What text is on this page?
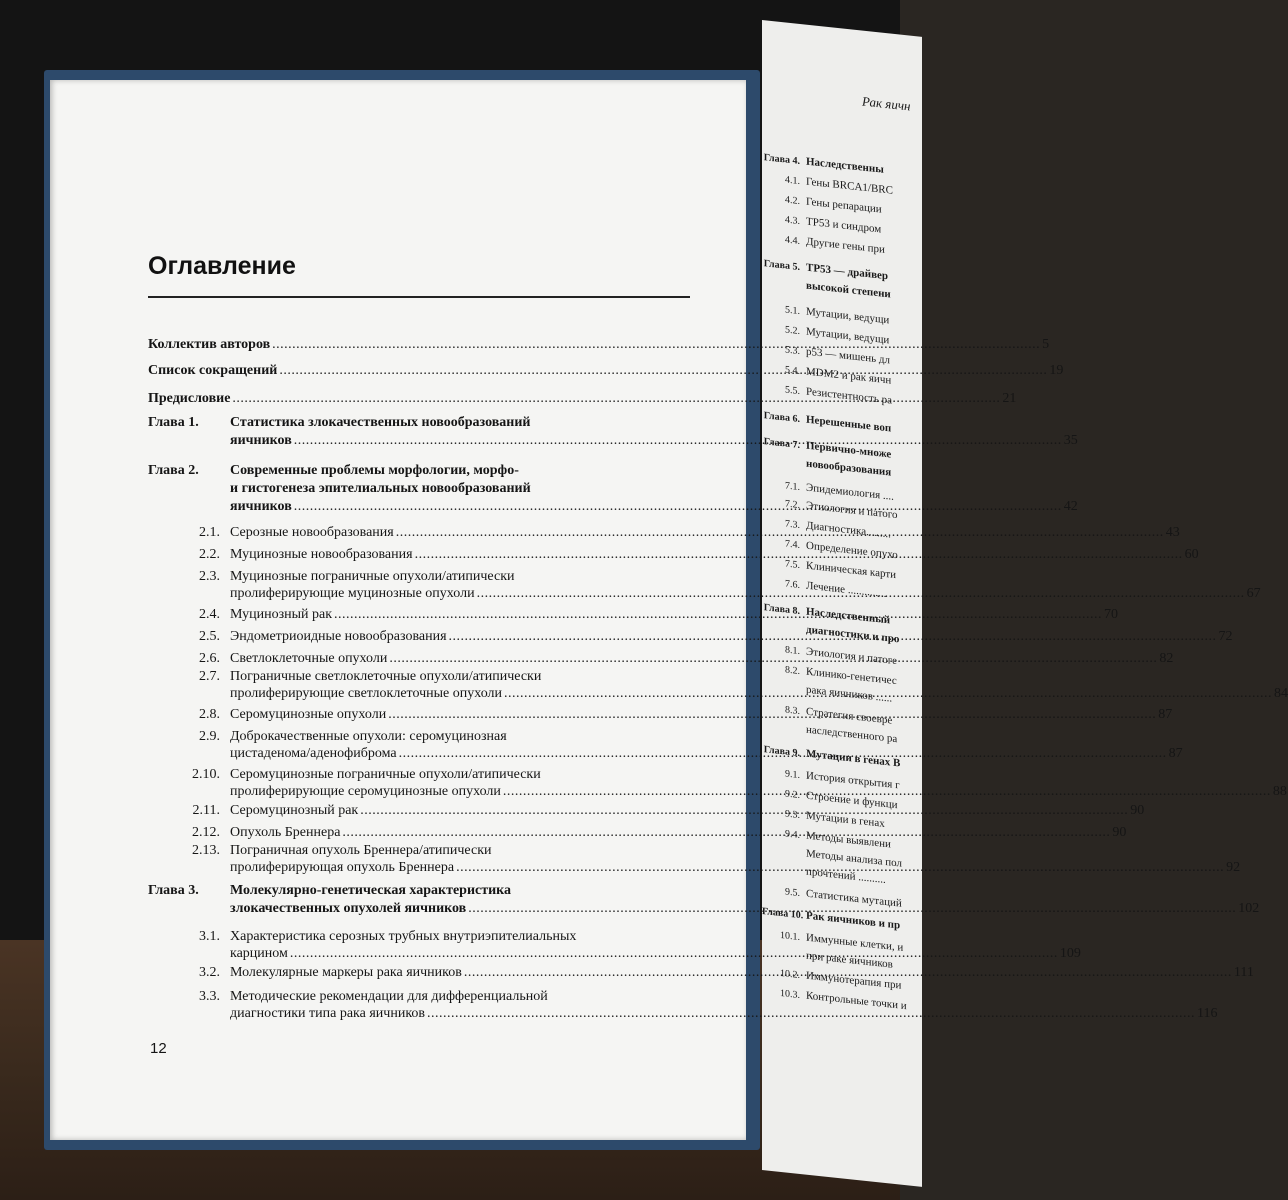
Рак яичн
Глава 4. Наследственны
4.1. Гены BRCA1/BRC
4.2. Гены репарации
4.3. TP53 и синдром
4.4. Другие гены при
Глава 5. TP53 — драйвер
высокой степени
5.1. Мутации, ведущи
5.2. Мутации, ведущи
5.3. p53 — мишень дл
5.4. MDM2 и рак яичн
5.5. Резистентность ра
Глава 6. Нерешенные воп
Глава 7. Первично-множе
новообразования
7.1. Эпидемиология ....
7.2. Этиология и патого
7.3. Диагностика.........
7.4. Определение опухо
7.5. Клиническая карти
7.6. Лечение ..............
Глава 8. Наследственный
диагностики и про
8.1. Этиология и патоге
8.2. Клинико-генетичес
рака яичников ......
8.3. Стратегия своевре
наследственного ра
Глава 9. Мутации в генах B
9.1. История открытия г
9.2. Строение и функци
9.3. Мутации в генах
9.4. Методы выявлени
Методы анализа пол
прочтений ..........
9.5. Статистика мутаций
Глава 10. Рак яичников и пр
10.1. Иммунные клетки, и
при раке яичников
10.2. Иммунотерапия при
10.3. Контрольные точки и
Оглавление
Коллектив авторов .....	5
Список сокращений .....	19
Предисловие .....	21
Глава 1.	Статистика злокачественных новообразований
яичников .....	35
Глава 2.	Современные проблемы морфологии, морфо-
и гистогенеза эпителиальных новообразований
яичников .....	42
2.1. Серозные новообразования .....	43
2.2. Муцинозные новообразования .....	60
2.3. Муцинозные пограничные опухоли/атипически
пролиферирующие муцинозные опухоли .....	67
2.4. Муцинозный рак .....	70
2.5. Эндометриоидные новообразования .....	72
2.6. Светлоклеточные опухоли .....	82
2.7. Пограничные светлоклеточные опухоли/атипически
пролиферирующие светлоклеточные опухоли .....	84
2.8. Серомуцинозные опухоли .....	87
2.9. Доброкачественные опухоли: серомуцинозная
цистаденома/аденофиброма .....	87
2.10. Серомуцинозные пограничные опухоли/атипически
пролиферирующие серомуцинозные опухоли .....	88
2.11. Серомуцинозный рак .....	90
2.12. Опухоль Бреннера .....	90
2.13. Пограничная опухоль Бреннера/атипически
пролиферирующая опухоль Бреннера .....	92
Глава 3.	Молекулярно-генетическая характеристика
злокачественных опухолей яичников .....	102
3.1. Характеристика серозных трубных внутриэпителиальных
карцином .....	109
3.2. Молекулярные маркеры рака яичников .....	111
3.3. Методические рекомендации для дифференциальной
диагностики типа рака яичников .....	116
12
